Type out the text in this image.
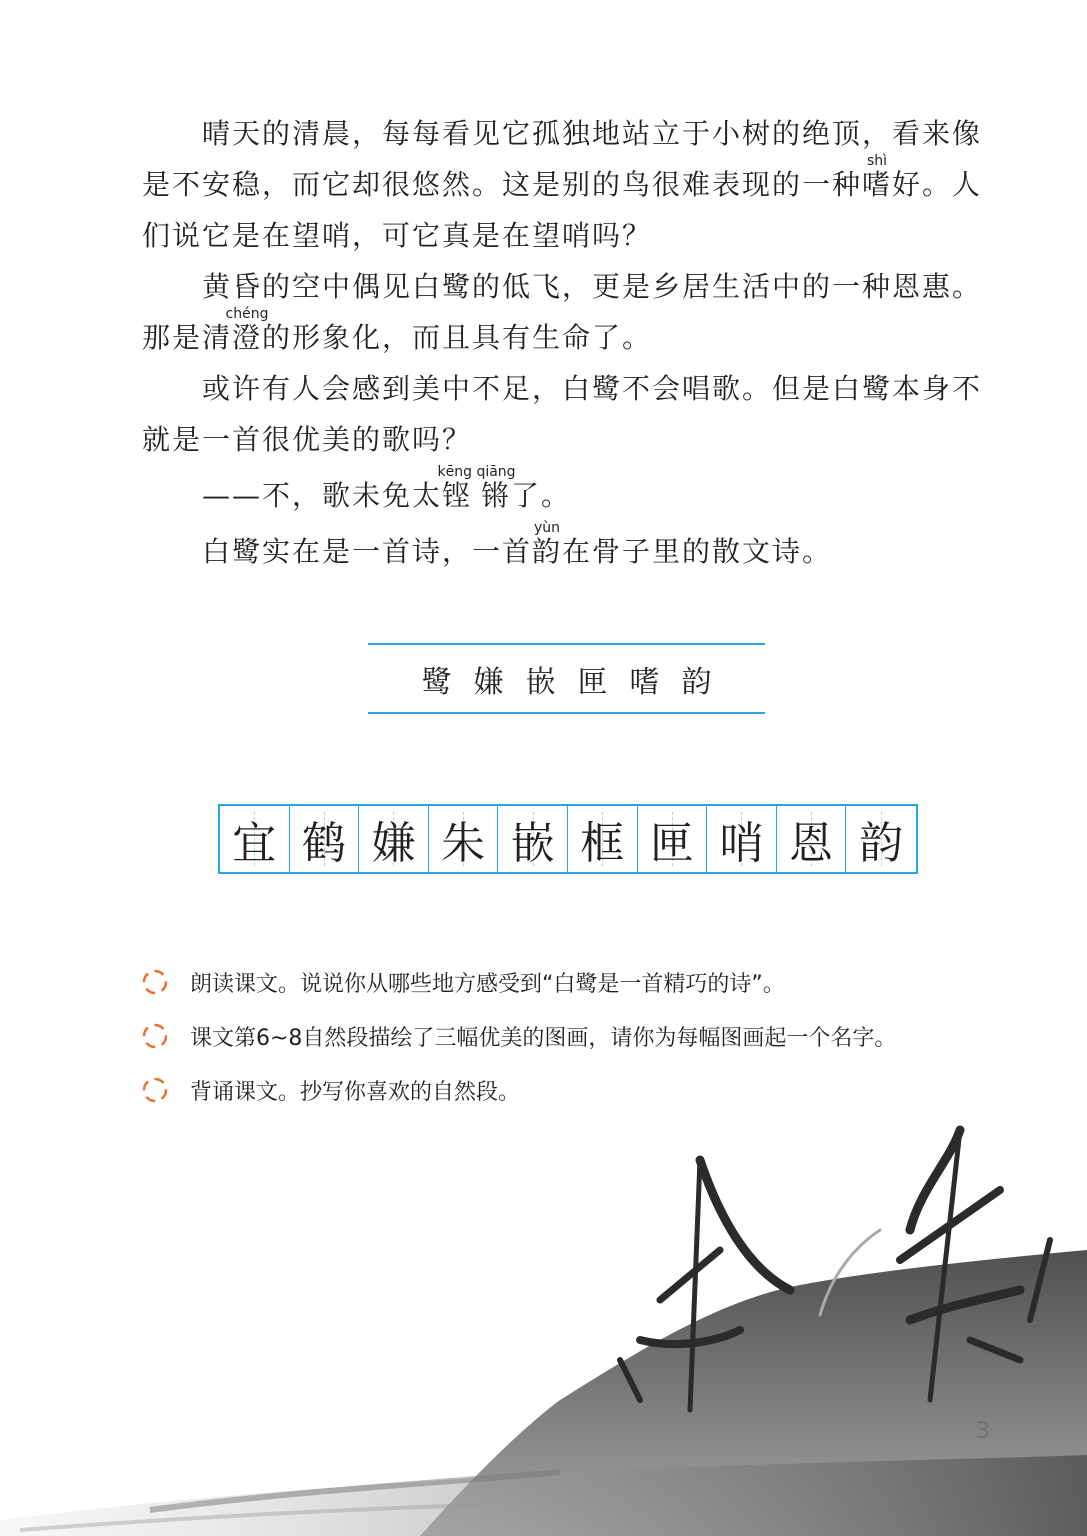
晴天的清晨，每每看见它孤独地站立于小树的绝顶，看来像是不安稳，而它却很悠然。这是别的鸟很难表现的一种嗜shì好。人们说它是在望哨，可它真是在望哨吗？

黄昏的空中偶见白鹭的低飞，更是乡居生活中的一种恩惠。那是清澄chéng的形象化，而且具有生命了。

或许有人会感到美中不足，白鹭不会唱歌。但是白鹭本身不就是一首很优美的歌吗？

——不，歌未免太铿锵kēng qiāng了。

白鹭实在是一首诗，一首韵yùn在骨子里的散文诗。

鹭 嫌 嵌 匣 嗜 韵
宜 鹤 嫌 朱 嵌 框 匣 哨 恩 韵
朗读课文。说说你从哪些地方感受到“白鹭是一首精巧的诗”。
课文第6~8自然段描绘了三幅优美的图画，请你为每幅图画起一个名字。
背诵课文。抄写你喜欢的自然段。
